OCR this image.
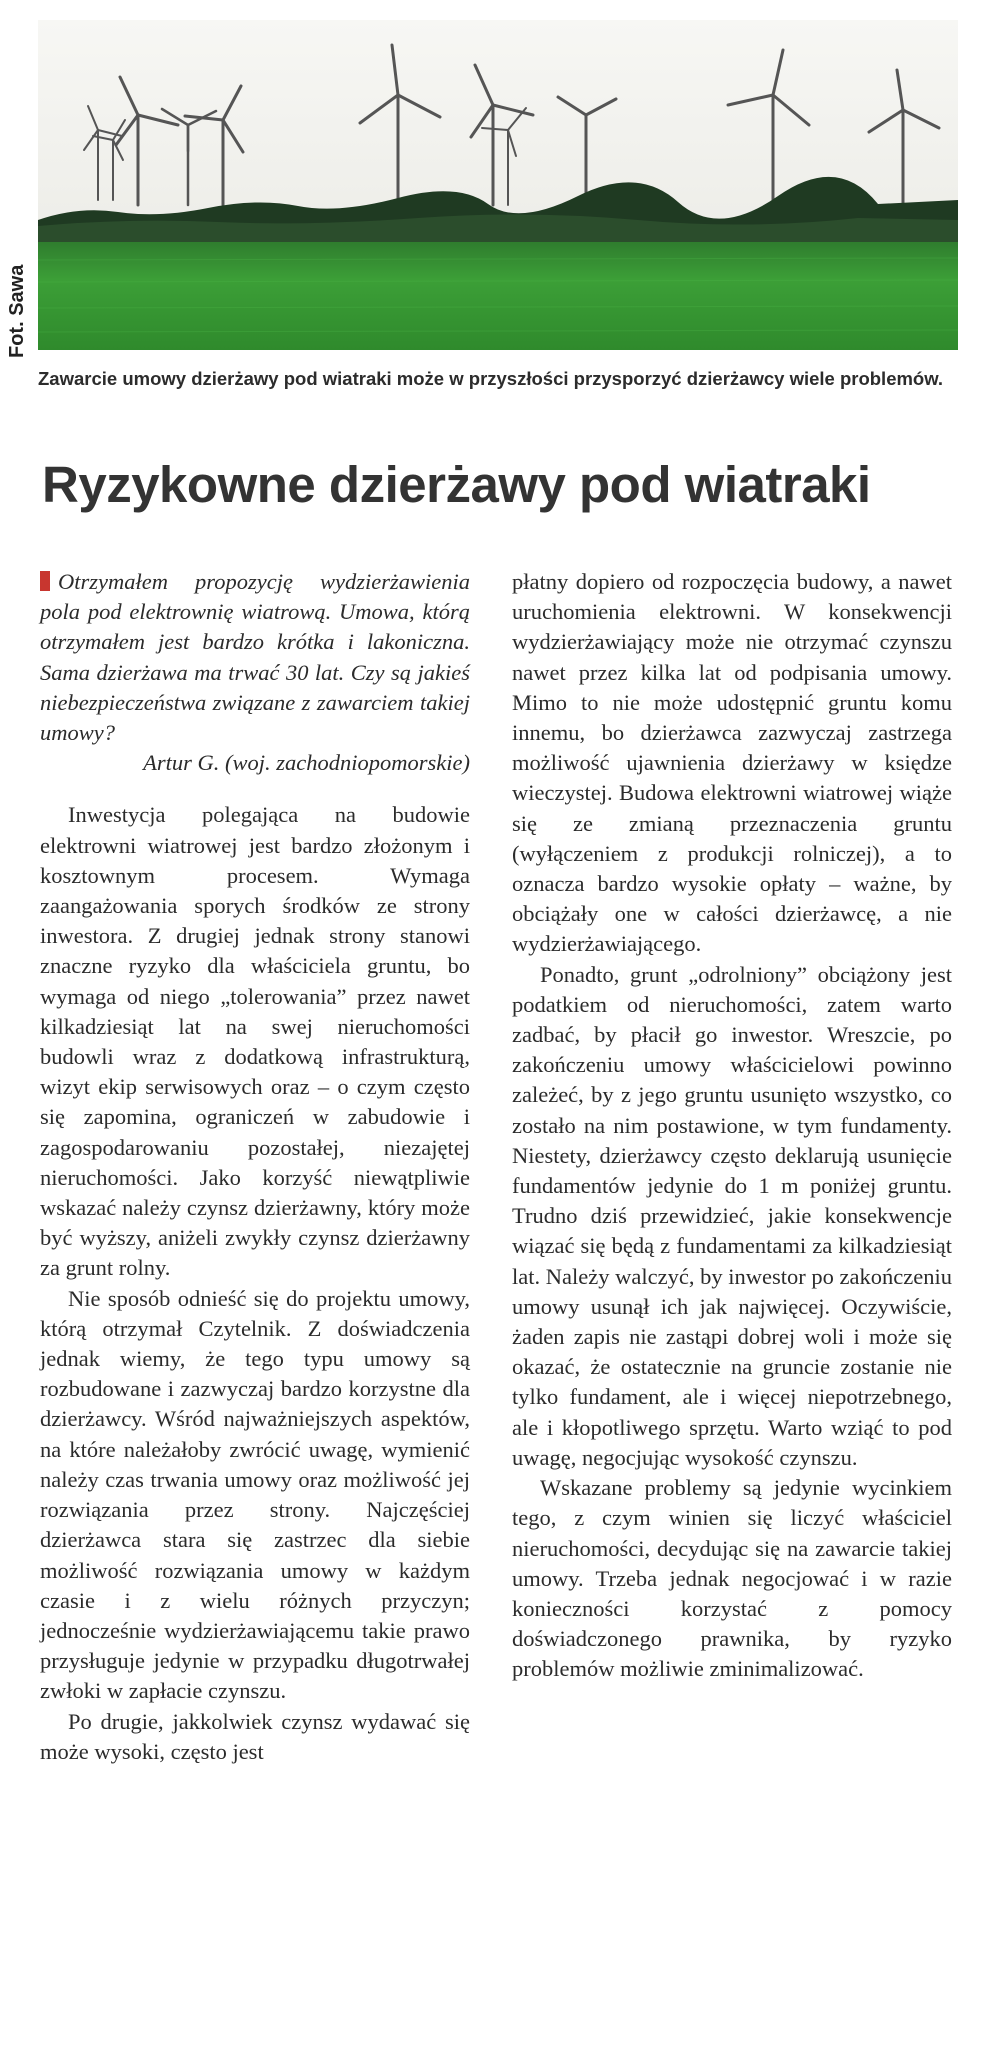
Fot. Sawa
Zawarcie umowy dzierżawy pod wiatraki może w przyszłości przysporzyć dzierżawcy wiele problemów.
Ryzykowne dzierżawy pod wiatraki

Otrzymałem propozycję wydzierżawienia pola pod elektrownię wiatrową. Umowa, którą otrzymałem jest bardzo krótka i lakoniczna. Sama dzierżawa ma trwać 30 lat. Czy są jakieś niebezpieczeństwa związane z zawarciem takiej umowy?

Artur G. (woj. zachodniopomorskie)

Inwestycja polegająca na budowie elektrowni wiatrowej jest bardzo złożonym i kosztownym procesem. Wymaga zaangażowania sporych środków ze strony inwestora. Z drugiej jednak strony stanowi znaczne ryzyko dla właściciela gruntu, bo wymaga od niego „tolerowania” przez nawet kilkadziesiąt lat na swej nieruchomości budowli wraz z dodatkową infrastrukturą, wizyt ekip serwisowych oraz – o czym często się zapomina, ograniczeń w zabudowie i zagospodarowaniu pozostałej, niezajętej nieruchomości. Jako korzyść niewątpliwie wskazać należy czynsz dzierżawny, który może być wyższy, aniżeli zwykły czynsz dzierżawny za grunt rolny.

Nie sposób odnieść się do projektu umowy, którą otrzymał Czytelnik. Z doświadczenia jednak wiemy, że tego typu umowy są rozbudowane i zazwyczaj bardzo korzystne dla dzierżawcy. Wśród najważniejszych aspektów, na które należałoby zwrócić uwagę, wymienić należy czas trwania umowy oraz możliwość jej rozwiązania przez strony. Najczęściej dzierżawca stara się zastrzec dla siebie możliwość rozwiązania umowy w każdym czasie i z wielu różnych przyczyn; jednocześnie wydzierżawiającemu takie prawo przysługuje jedynie w przypadku długotrwałej zwłoki w zapłacie czynszu.

Po drugie, jakkolwiek czynsz wydawać się może wysoki, często jest

płatny dopiero od rozpoczęcia budowy, a nawet uruchomienia elektrowni. W konsekwencji wydzierżawiający może nie otrzymać czynszu nawet przez kilka lat od podpisania umowy. Mimo to nie może udostępnić gruntu komu innemu, bo dzierżawca zazwyczaj zastrzega możliwość ujawnienia dzierżawy w księdze wieczystej. Budowa elektrowni wiatrowej wiąże się ze zmianą przeznaczenia gruntu (wyłączeniem z produkcji rolniczej), a to oznacza bardzo wysokie opłaty – ważne, by obciążały one w całości dzierżawcę, a nie wydzierżawiającego.

Ponadto, grunt „odrolniony” obciążony jest podatkiem od nieruchomości, zatem warto zadbać, by płacił go inwestor. Wreszcie, po zakończeniu umowy właścicielowi powinno zależeć, by z jego gruntu usunięto wszystko, co zostało na nim postawione, w tym fundamenty. Niestety, dzierżawcy często deklarują usunięcie fundamentów jedynie do 1 m poniżej gruntu. Trudno dziś przewidzieć, jakie konsekwencje wiązać się będą z fundamentami za kilkadziesiąt lat. Należy walczyć, by inwestor po zakończeniu umowy usunął ich jak najwięcej. Oczywiście, żaden zapis nie zastąpi dobrej woli i może się okazać, że ostatecznie na gruncie zostanie nie tylko fundament, ale i więcej niepotrzebnego, ale i kłopotliwego sprzętu. Warto wziąć to pod uwagę, negocjując wysokość czynszu.

Wskazane problemy są jedynie wycinkiem tego, z czym winien się liczyć właściciel nieruchomości, decydując się na zawarcie takiej umowy. Trzeba jednak negocjować i w razie konieczności korzystać z pomocy doświadczonego prawnika, by ryzyko problemów możliwie zminimalizować.
